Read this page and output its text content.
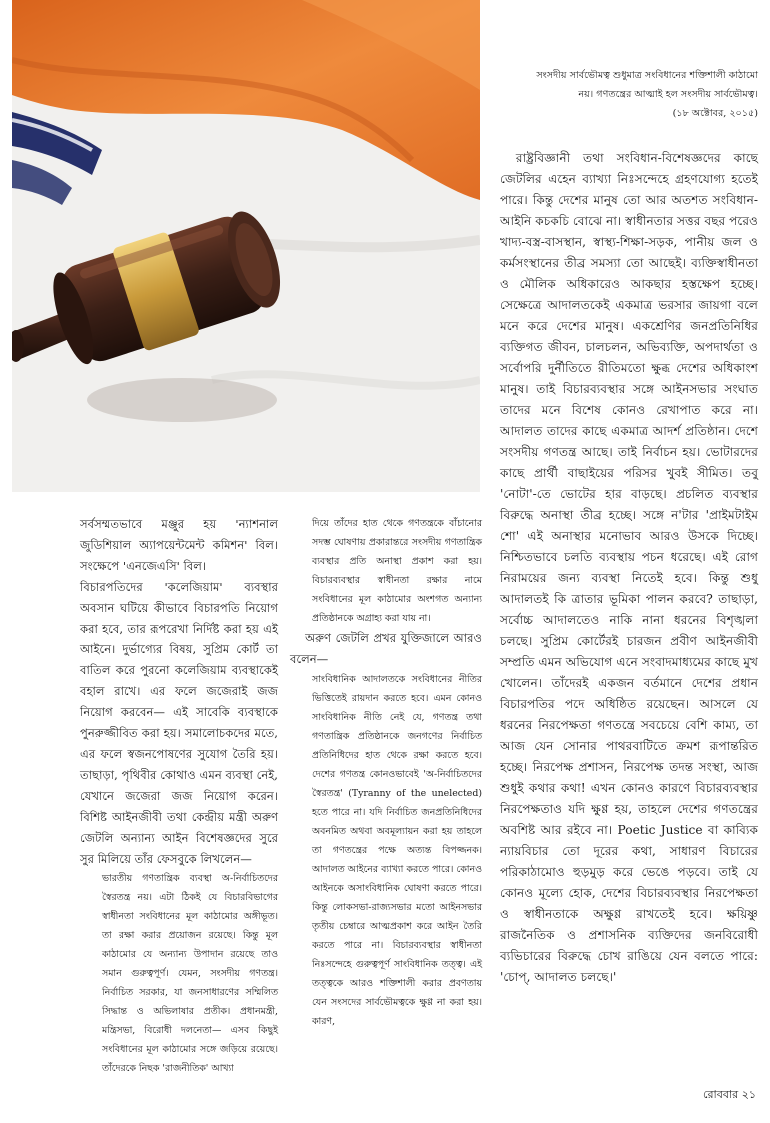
সংসদীয় সার্বভৌমত্ব শুধুমাত্র সংবিধানের শক্তিশালী কাঠামো নয়। গণতন্ত্রের আত্মাই হল সংসদীয় সার্বভৌমত্ব।

(১৮ অক্টোবর, ২০১৫)

রাষ্ট্রবিজ্ঞানী তথা সংবিধান-বিশেষজ্ঞদের কাছে জেটলির এহেন ব্যাখ্যা নিঃসন্দেহে গ্রহণযোগ্য হতেই পারে। কিন্তু দেশের মানুষ তো আর অতশত সংবিধান-আইনি কচকচি বোঝে না। স্বাধীনতার সত্তর বছর পরেও খাদ্য-বস্ত্র-বাসস্থান, স্বাস্থ্য-শিক্ষা-সড়ক, পানীয় জল ও কর্মসংস্থানের তীব্র সমস্যা তো আছেই। ব্যক্তিস্বাধীনতা ও মৌলিক অধিকারেও আকছার হস্তক্ষেপ হচ্ছে। সেক্ষেত্রে আদালতকেই একমাত্র ভরসার জায়গা বলে মনে করে দেশের মানুষ। একশ্রেণির জনপ্রতিনিধির ব্যক্তিগত জীবন, চালচলন, অভিব্যক্তি, অপদার্থতা ও সর্বোপরি দুর্নীতিতে রীতিমতো ক্ষুব্ধ দেশের অধিকাংশ মানুষ। তাই বিচারব্যবস্থার সঙ্গে আইনসভার সংঘাত তাদের মনে বিশেষ কোনও রেখাপাত করে না। আদালত তাদের কাছে একমাত্র আদর্শ প্রতিষ্ঠান। দেশে সংসদীয় গণতন্ত্র আছে। তাই নির্বাচন হয়। ভোটারদের কাছে প্রার্থী বাছাইয়ের পরিসর খুবই সীমিত। তবু 'নোটা'-তে ভোটের হার বাড়ছে। প্রচলিত ব্যবস্থার বিরুদ্ধে অনাস্থা তীব্র হচ্ছে। সঙ্গে ন'টার 'প্রাইমটাইম শো' এই অনাস্থার মনোভাব আরও উসকে দিচ্ছে। নিশ্চিতভাবে চলতি ব্যবস্থায় পচন ধরেছে। এই রোগ নিরাময়ের জন্য ব্যবস্থা নিতেই হবে। কিন্তু শুধু আদালতই কি ত্রাতার ভূমিকা পালন করবে? তাছাড়া, সর্বোচ্চ আদালতেও নাকি নানা ধরনের বিশৃঙ্খলা চলছে। সুপ্রিম কোর্টেরই চারজন প্রবীণ আইনজীবী সম্প্রতি এমন অভিযোগ এনে সংবাদমাধ্যমের কাছে মুখ খোলেন। তাঁদেরই একজন বর্তমানে দেশের প্রধান বিচারপতির পদে অধিষ্ঠিত রয়েছেন। আসলে যে ধরনের নিরপেক্ষতা গণতন্ত্রে সবচেয়ে বেশি কাম্য, তা আজ যেন সোনার পাথরবাটিতে ক্রমশ রূপান্তরিত হচ্ছে। নিরপেক্ষ প্রশাসন, নিরপেক্ষ তদন্ত সংস্থা, আজ শুধুই কথার কথা! এখন কোনও কারণে বিচারব্যবস্থার নিরপেক্ষতাও যদি ক্ষুণ্ণ হয়, তাহলে দেশের গণতন্ত্রের অবশিষ্ট আর রইবে না। Poetic Justice বা কাব্যিক ন্যায়বিচার তো দূরের কথা, সাধারণ বিচারের পরিকাঠামোও হুড়মুড় করে ভেঙে পড়বে। তাই যে কোনও মূল্যে হোক, দেশের বিচারব্যবস্থার নিরপেক্ষতা ও স্বাধীনতাকে অক্ষুণ্ণ রাখতেই হবে। ক্ষয়িষ্ণু রাজনৈতিক ও প্রশাসনিক ব্যক্তিদের জনবিরোধী ব্যভিচারের বিরুদ্ধে চোখ রাঙিয়ে যেন বলতে পারে: 'চোপ্‌, আদালত চলছে।'

সর্বসম্মতভাবে মঞ্জুর হয় 'ন্যাশনাল জুডিশিয়াল অ্যাপয়েন্টমেন্ট কমিশন' বিল। সংক্ষেপে 'এনজেএসি' বিল।

বিচারপতিদের 'কলেজিয়াম' ব্যবস্থার অবসান ঘটিয়ে কীভাবে বিচারপতি নিয়োগ করা হবে, তার রূপরেখা নির্দিষ্ট করা হয় এই আইনে। দুর্ভাগ্যের বিষয়, সুপ্রিম কোর্ট তা বাতিল করে পুরনো কলেজিয়াম ব্যবস্থাকেই বহাল রাখে। এর ফলে জজেরাই জজ নিয়োগ করবেন— এই সাবেকি ব্যবস্থাকে পুনরুজ্জীবিত করা হয়। সমালোচকদের মতে, এর ফলে স্বজনপোষণের সুযোগ তৈরি হয়। তাছাড়া, পৃথিবীর কোথাও এমন ব্যবস্থা নেই, যেখানে জজেরা জজ নিয়োগ করেন। বিশিষ্ট আইনজীবী তথা কেন্দ্রীয় মন্ত্রী অরুণ জেটলি অন্যান্য আইন বিশেষজ্ঞদের সুরে সুর মিলিয়ে তাঁর ফেসবুকে লিখলেন—

ভারতীয় গণতান্ত্রিক ব্যবস্থা অ-নির্বাচিতদের স্বৈরতন্ত্র নয়। এটা ঠিকই যে বিচারবিভাগের স্বাধীনতা সংবিধানের মূল কাঠামোর অঙ্গীভূত। তা রক্ষা করার প্রয়োজন রয়েছে। কিন্তু মূল কাঠামোর যে অন্যান্য উপাদান রয়েছে তাও সমান গুরুত্বপূর্ণ। যেমন, সংসদীয় গণতন্ত্র। নির্বাচিত সরকার, যা জনসাধারণের সম্মিলিত সিদ্ধান্ত ও অভিলাষার প্রতীক। প্রধানমন্ত্রী, মন্ত্রিসভা, বিরোধী দলনেতা— এসব কিছুই সংবিধানের মূল কাঠামোর সঙ্গে জড়িয়ে রয়েছে। তাঁদেরকে নিছক 'রাজনীতিক' আখ্যা

দিয়ে তাঁদের হাত থেকে গণতন্ত্রকে বাঁচানোর সদম্ভ ঘোষণায় প্রকারান্তরে সংসদীয় গণতান্ত্রিক ব্যবস্থার প্রতি অনাস্থা প্রকাশ করা হয়। বিচারব্যবস্থার স্বাধীনতা রক্ষার নামে সংবিধানের মূল কাঠামোর অংশগত অন্যান্য প্রতিষ্ঠানকে অগ্রাহ্য করা যায় না।

অরুণ জেটলি প্রখর যুক্তিজালে আরও বলেন—

সাংবিধানিক আদালতকে সংবিধানের নীতির ভিত্তিতেই রায়দান করতে হবে। এমন কোনও সাংবিধানিক নীতি নেই যে, গণতন্ত্র তথা গণতান্ত্রিক প্রতিষ্ঠানকে জনগণের নির্বাচিত প্রতিনিধিদের হাত থেকে রক্ষা করতে হবে। দেশের গণতন্ত্র কোনওভাবেই 'অ-নির্বাচিতদের স্বৈরতন্ত্র' (Tyranny of the unelected) হতে পারে না। যদি নির্বাচিত জনপ্রতিনিধিদের অবনমিত অথবা অবমূল্যায়ন করা হয় তাহলে তা গণতন্ত্রের পক্ষে অত্যন্ত বিপজ্জনক। আদালত আইনের ব্যাখ্যা করতে পারে। কোনও আইনকে অসাংবিধানিক ঘোষণা করতে পারে। কিন্তু লোকসভা-রাজ্যসভার মতো আইনসভার তৃতীয় চেম্বারে আত্মপ্রকাশ করে আইন তৈরি করতে পারে না। বিচারব্যবস্থার স্বাধীনতা নিঃসন্দেহে গুরুত্বপূর্ণ সাংবিধানিক তত্ত্ব। এই তত্ত্বকে আরও শক্তিশালী করার প্রবণতায় যেন সংসদের সার্বভৌমত্বকে ক্ষুণ্ণ না করা হয়। কারণ,

রোববার ২১
